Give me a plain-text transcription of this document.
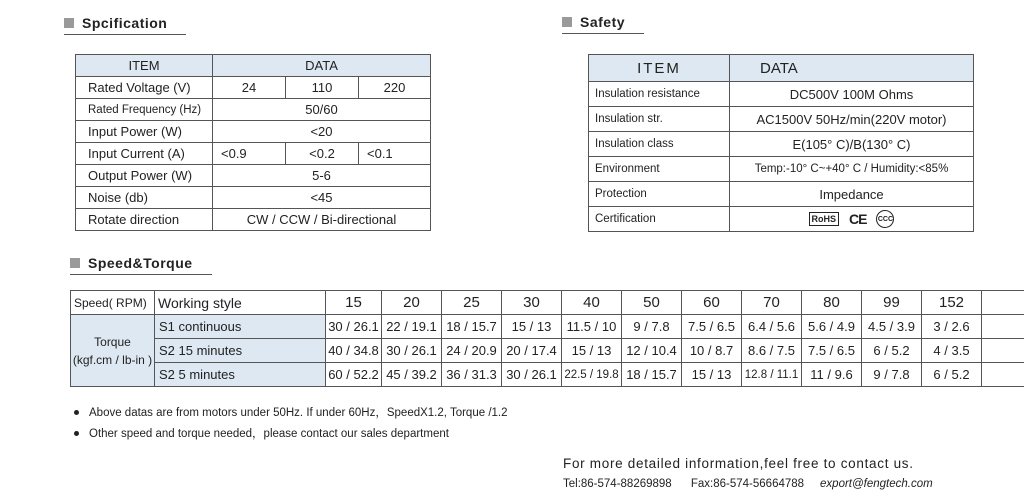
Spcification
ITEM	DATA		
Rated Voltage (V)	24	110	220
Rated Frequency (Hz)	50/60		
Input Power (W)	<20		
Input Current (A)	<0.9	<0.2	<0.1
Output Power (W)	5-6		
Noise (db)	<45		
Rotate direction	CW / CCW / Bi-directional		
Safety
ITEM	DATA
Insulation resistance	DC500V 100M Ohms
Insulation str.	AC1500V 50Hz/min(220V motor)
Insulation class	E(105° C)/B(130° C)
Environment	Temp:-10° C~+40° C / Humidity:<85%
Protection	Impedance
Certification	RoHS CE CCC
Speed&Torque
Speed( RPM)	Working style	15	20	25	30	40	50	60	70	80	99	152	

Torque
(kgf.cm / lb-in )	S1 continuous	30 / 26.1	22 / 19.1	18 / 15.7	15 / 13	11.5 / 10	9 / 7.8	7.5 / 6.5	6.4 / 5.6	5.6 / 4.9	4.5 / 3.9	3 / 2.6	
	S2 15 minutes	40 / 34.8	30 / 26.1	24 / 20.9	20 / 17.4	15 / 13	12 / 10.4	10 / 8.7	8.6 / 7.5	7.5 / 6.5	6 / 5.2	4 / 3.5	
	S2 5 minutes	60 / 52.2	45 / 39.2	36 / 31.3	30 / 26.1	22.5 / 19.8	18 / 15.7	15 / 13	12.8 / 11.1	11 / 9.6	9 / 7.8	6 / 5.2	
Above datas are from motors under 50Hz. If under 60Hz，SpeedX1.2, Torque /1.2
Other speed and torque needed，please contact our sales department
For more detailed information,feel free to contact us.
Tel:86-574-88269898 Fax:86-574-56664788 export@fengtech.com
